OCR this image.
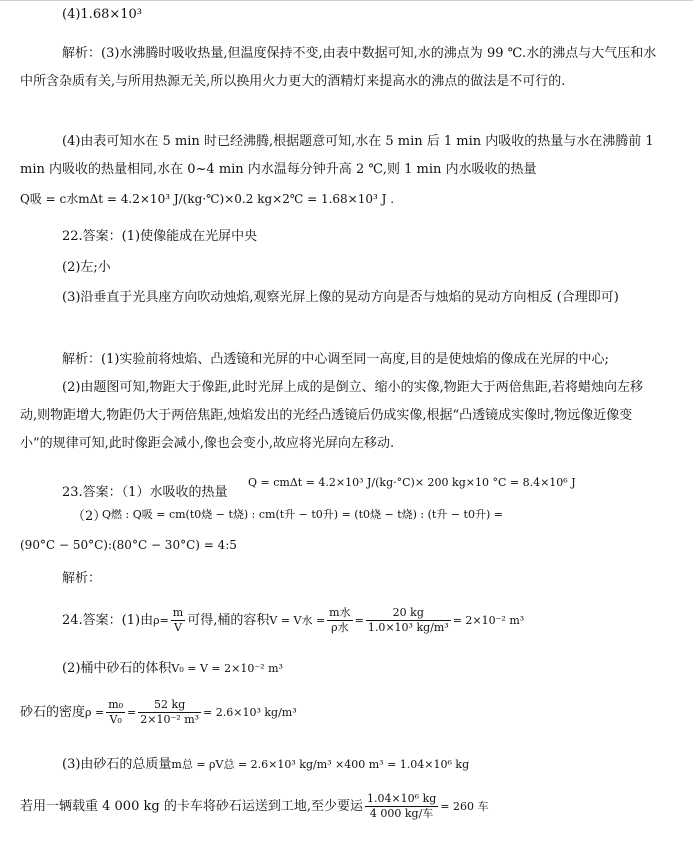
(4)1.68×10³
解析：(3)水沸腾时吸收热量,但温度保持不变,由表中数据可知,水的沸点为 99 ℃.水的沸点与大气压和水中所含杂质有关,与所用热源无关,所以换用火力更大的酒精灯来提高水的沸点的做法是不可行的.
(4)由表可知水在 5 min 时已经沸腾,根据题意可知,水在 5 min 后 1 min 内吸收的热量与水在沸腾前 1 min 内吸收的热量相同,水在 0~4 min 内水温每分钟升高 2 ℃,则 1 min 内水吸收的热量
Q吸 = c水mΔt = 4.2×10³ J/(kg·℃)×0.2 kg×2℃ = 1.68×10³ J .
22.答案：(1)使像能成在光屏中央
(2)左;小
(3)沿垂直于光具座方向吹动烛焰,观察光屏上像的晃动方向是否与烛焰的晃动方向相反 (合理即可)
解析：(1)实验前将烛焰、凸透镜和光屏的中心调至同一高度,目的是使烛焰的像成在光屏的中心;
(2)由题图可知,物距大于像距,此时光屏上成的是倒立、缩小的实像,物距大于两倍焦距,若将蜡烛向左移动,则物距增大,物距仍大于两倍焦距,烛焰发出的光经凸透镜后仍成实像,根据“凸透镜成实像时,物远像近像变小”的规律可知,此时像距会减小,像也会变小,故应将光屏向左移动.
23.答案：（1）水吸收的热量
Q = cmΔt = 4.2×10³ J/(kg·°C)× 200 kg×10 °C = 8.4×10⁶ J
（2）
Q燃 : Q吸 = cm(t0烧 − t烧) : cm(t升 − t0升) = (t0烧 − t烧) : (t升 − t0升) =
(90°C − 50°C):(80°C − 30°C) = 4:5
解析：
24.答案：(1)由$\rho= \frac{m}{V}$ 可得,桶的容积V = V水 = $\frac{\text{m水}}{\text{ρ水}} = \frac{20 kg}{\text{1.0×10³ kg/m³}} = 2\times 10^{-2}$ m³
(2)桶中砂石的体积V₀ = V = 2×10⁻² m³
砂石的密度$\rho = \frac{\text{m₀}}{\text{V₀}} = \frac{52 kg}{\text{2×10⁻² m³}} = 2.6\times 10^3$ kg/m³
(3)由砂石的总质量m总 = ρV总 = 2.6×10³ kg/m³ ×400 m³ = 1.04×10⁶ kg
若用一辆载重 4 000 kg 的卡车将砂石运送到工地,至少要运 $\frac{\text{1.04×10⁶ kg}}{\text{4 000 kg/车}} = 260$ 车
